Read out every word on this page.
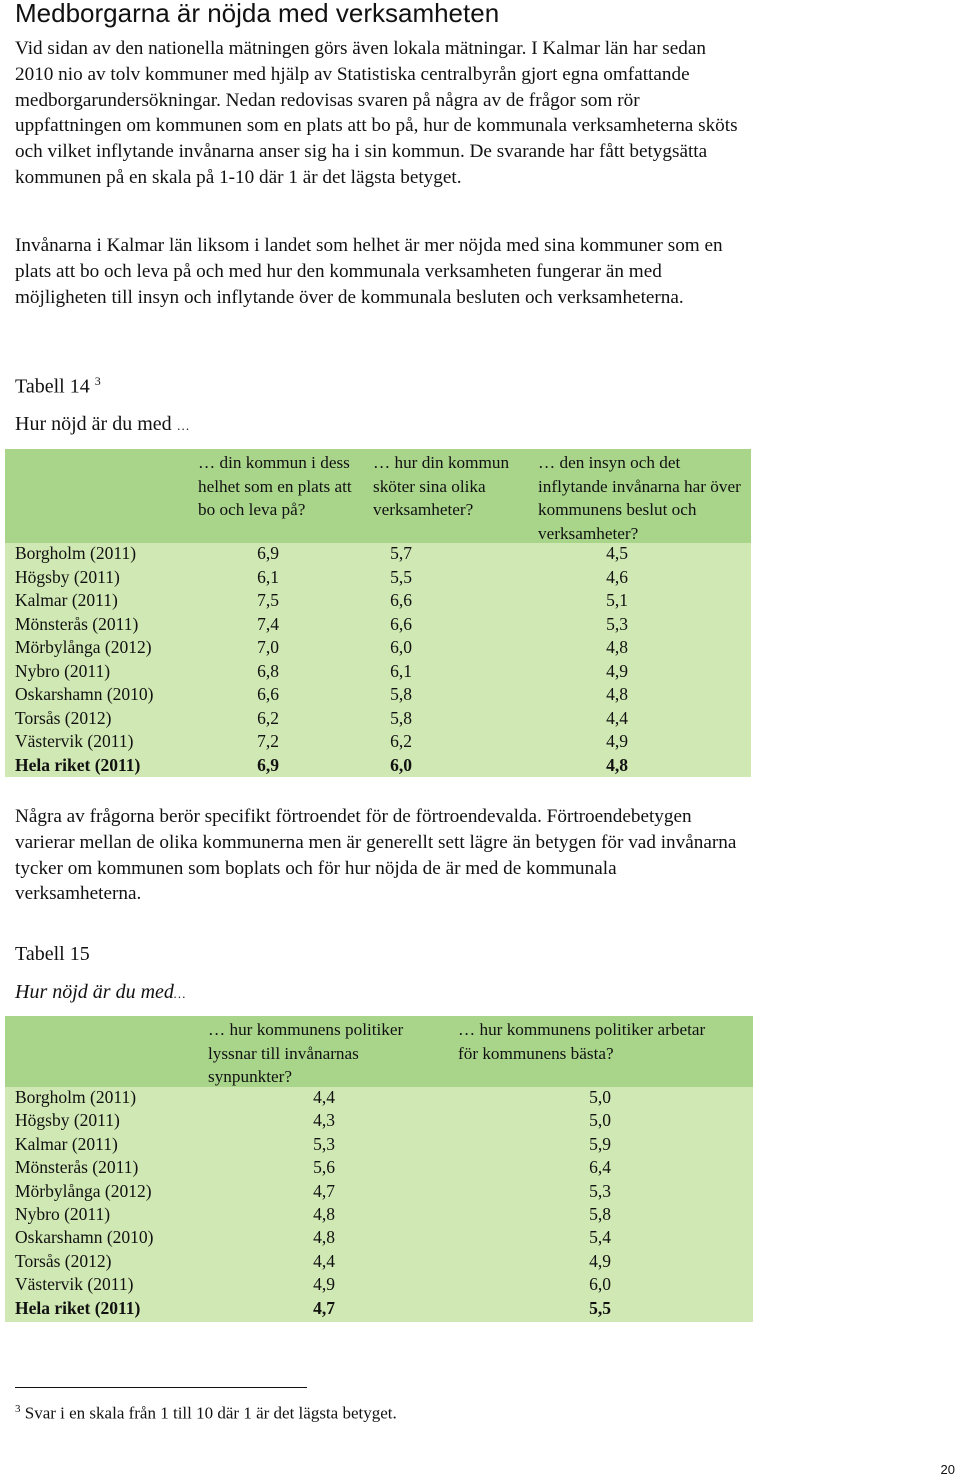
Medborgarna är nöjda med verksamheten

Vid sidan av den nationella mätningen görs även lokala mätningar. I Kalmar län har sedan 2010 nio av tolv kommuner med hjälp av Statistiska centralbyrån gjort egna omfattande medborgarundersökningar. Nedan redovisas svaren på några av de frågor som rör uppfattningen om kommunen som en plats att bo på, hur de kommunala verksamheterna sköts och vilket inflytande invånarna anser sig ha i sin kommun. De svarande har fått betygsätta kommunen på en skala på 1-10 där 1 är det lägsta betyget.

Invånarna i Kalmar län liksom i landet som helhet är mer nöjda med sina kommuner som en plats att bo och leva på och med hur den kommunala verksamheten fungerar än med möjligheten till insyn och inflytande över de kommunala besluten och verksamheterna.

Tabell 14 $^3$
Hur nöjd är du med …

… din kommun i dess helhet som en plats att bo och leva på?

… hur din kommun sköter sina olika verksamheter?

… den insyn och det inflytande invånarna har över kommunens beslut och verksamheter?

Borgholm (2011)	6,9	5,7	4,5
Högsby (2011)	6,1	5,5	4,6
Kalmar (2011)	7,5	6,6	5,1
Mönsterås (2011)	7,4	6,6	5,3
Mörbylånga (2012)	7,0	6,0	4,8
Nybro (2011)	6,8	6,1	4,9
Oskarshamn (2010)	6,6	5,8	4,8
Torsås (2012)	6,2	5,8	4,4
Västervik (2011)	7,2	6,2	4,9
Hela riket (2011)	6,9	6,0	4,8

Några av frågorna berör specifikt förtroendet för de förtroendevalda. Förtroendebetygen varierar mellan de olika kommunerna men är generellt sett lägre än betygen för vad invånarna tycker om kommunen som boplats och för hur nöjda de är med de kommunala verksamheterna.

Tabell 15
Hur nöjd är du med…

… hur kommunens politiker lyssnar till invånarnas synpunkter?

… hur kommunens politiker arbetar för kommunens bästa?

Borgholm (2011)	4,4	5,0
Högsby (2011)	4,3	5,0
Kalmar (2011)	5,3	5,9
Mönsterås (2011)	5,6	6,4
Mörbylånga (2012)	4,7	5,3
Nybro (2011)	4,8	5,8
Oskarshamn (2010)	4,8	5,4
Torsås (2012)	4,4	4,9
Västervik (2011)	4,9	6,0
Hela riket (2011)	4,7	5,5

$^3$ Svar i en skala från 1 till 10 där 1 är det lägsta betyget.

20
